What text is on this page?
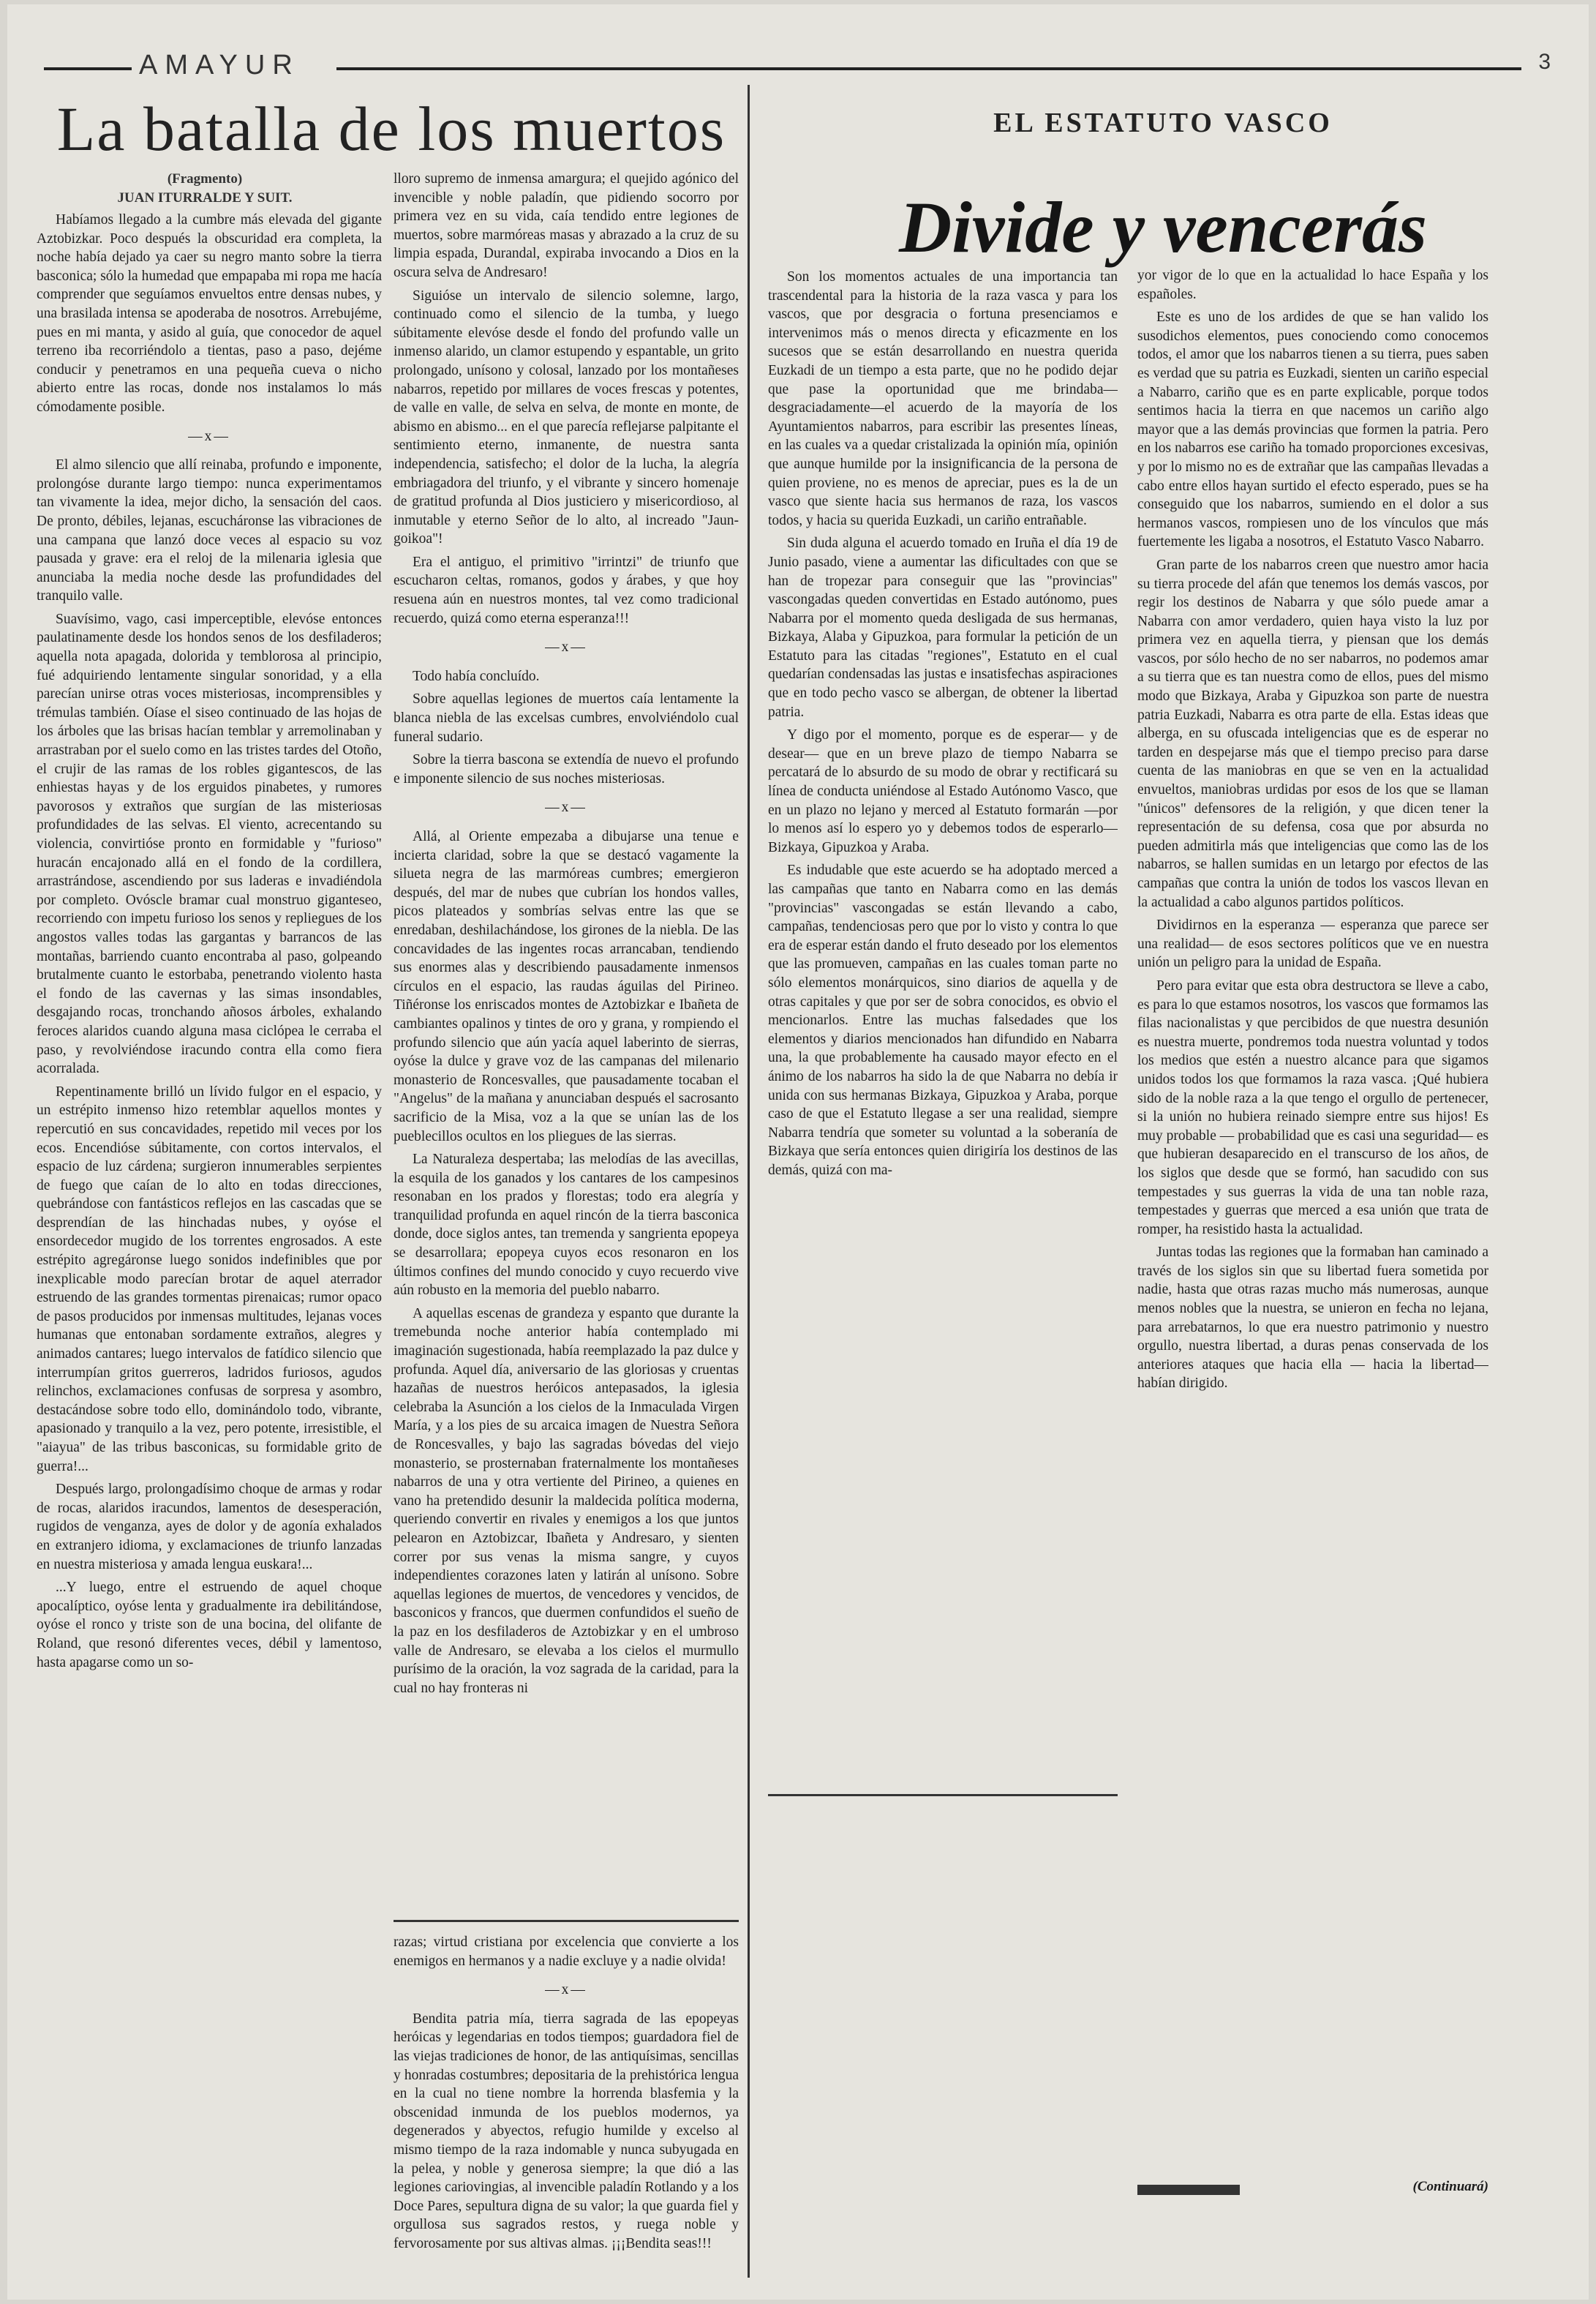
AMAYUR	3
La batalla de los muertos
(Fragmento)
JUAN ITURRALDE Y SUIT.

Habíamos llegado a la cumbre más elevada del gigante Aztobizkar. Poco después la obscuridad era completa, la noche había dejado ya caer su negro manto sobre la tierra basconica; sólo la humedad que empapaba mi ropa me hacía comprender que seguíamos envueltos entre densas nubes, y una brasilada intensa se apoderaba de nosotros. Arrebujéme, pues en mi manta, y asido al guía, que conocedor de aquel terreno iba recorriéndolo a tientas, paso a paso, dejéme conducir y penetramos en una pequeña cueva o nicho abierto entre las rocas, donde nos instalamos lo más cómodamente posible.

—x—

El almo silencio que allí reinaba, profundo e imponente, prolongóse durante largo tiempo: nunca experimentamos tan vivamente la idea, mejor dicho, la sensación del caos. De pronto, débiles, lejanas, escucháronse las vibraciones de una campana que lanzó doce veces al espacio su voz pausada y grave: era el reloj de la milenaria iglesia que anunciaba la media noche desde las profundidades del tranquilo valle.

Suavísimo, vago, casi imperceptible, elevóse entonces paulatinamente desde los hondos senos de los desfiladeros; aquella nota apagada, dolorida y temblorosa al principio, fué adquiriendo lentamente singular sonoridad, y a ella parecían unirse otras voces misteriosas, incomprensibles y trémulas también. Oíase el siseo continuado de las hojas de los árboles que las brisas hacían temblar y arremolinaban y arrastraban por el suelo como en las tristes tardes del Otoño, el crujir de las ramas de los robles gigantescos, de las enhiestas hayas y de los erguidos pinabetes, y rumores pavorosos y extraños que surgían de las misteriosas profundidades de las selvas. El viento, acrecentando su violencia, convirtióse pronto en formidable y "furioso" huracán encajonado allá en el fondo de la cordillera, arrastrándose, ascendiendo por sus laderas e invadiéndola por completo. Ovóscle bramar cual monstruo giganteseo, recorriendo con impetu furioso los senos y repliegues de los angostos valles todas las gargantas y barrancos de las montañas, barriendo cuanto encontraba al paso, golpeando brutalmente cuanto le estorbaba, penetrando violento hasta el fondo de las cavernas y las simas insondables, desgajando rocas, tronchando añosos árboles, exhalando feroces alaridos cuando alguna masa ciclópea le cerraba el paso, y revolviéndose iracundo contra ella como fiera acorralada.

Repentinamente brilló un lívido fulgor en el espacio, y un estrépito inmenso hizo retemblar aquellos montes y repercutió en sus concavidades, repetido mil veces por los ecos. Encendióse súbitamente, con cortos intervalos, el espacio de luz cárdena; surgieron innumerables serpientes de fuego que caían de lo alto en todas direcciones, quebrándose con fantásticos reflejos en las cascadas que se desprendían de las hinchadas nubes, y oyóse el ensordecedor mugido de los torrentes engrosados. A este estrépito agregáronse luego sonidos indefinibles que por inexplicable modo parecían brotar de aquel aterrador estruendo de las grandes tormentas pirenaicas; rumor opaco de pasos producidos por inmensas multitudes, lejanas voces humanas que entonaban sordamente extraños, alegres y animados cantares; luego intervalos de fatídico silencio que interrumpían gritos guerreros, ladridos furiosos, agudos relinchos, exclamaciones confusas de sorpresa y asombro, destacándose sobre todo ello, dominándolo todo, vibrante, apasionado y tranquilo a la vez, pero potente, irresistible, el "aiayua" de las tribus basconicas, su formidable grito de guerra!...

Después largo, prolongadísimo choque de armas y rodar de rocas, alaridos iracundos, lamentos de desesperación, rugidos de venganza, ayes de dolor y de agonía exhalados en extranjero idioma, y exclamaciones de triunfo lanzadas en nuestra misteriosa y amada lengua euskara!...

...Y luego, entre el estruendo de aquel choque apocalíptico, oyóse lenta y gradualmente ira debilitándose, oyóse el ronco y triste son de una bocina, del olifante de Roland, que resonó diferentes veces, débil y lamentoso, hasta apagarse como un so-

lloro supremo de inmensa amargura; el quejido agónico del invencible y noble paladín, que pidiendo socorro por primera vez en su vida, caía tendido entre legiones de muertos, sobre marmóreas masas y abrazado a la cruz de su limpia espada, Durandal, expiraba invocando a Dios en la oscura selva de Andresaro!

Siguióse un intervalo de silencio solemne, largo, continuado como el silencio de la tumba, y luego súbitamente elevóse desde el fondo del profundo valle un inmenso alarido, un clamor estupendo y espantable, un grito prolongado, unísono y colosal, lanzado por los montañeses nabarros, repetido por millares de voces frescas y potentes, de valle en valle, de selva en selva, de monte en monte, de abismo en abismo... en el que parecía reflejarse palpitante el sentimiento eterno, inmanente, de nuestra santa independencia, satisfecho; el dolor de la lucha, la alegría embriagadora del triunfo, y el vibrante y sincero homenaje de gratitud profunda al Dios justiciero y misericordioso, al inmutable y eterno Señor de lo alto, al increado "Jaun-goikoa"!

Era el antiguo, el primitivo "irrintzi" de triunfo que escucharon celtas, romanos, godos y árabes, y que hoy resuena aún en nuestros montes, tal vez como tradicional recuerdo, quizá como eterna esperanza!!!

—x—

Todo había concluído.

Sobre aquellas legiones de muertos caía lentamente la blanca niebla de las excelsas cumbres, envolviéndolo cual funeral sudario.

Sobre la tierra bascona se extendía de nuevo el profundo e imponente silencio de sus noches misteriosas.

—x—

Allá, al Oriente empezaba a dibujarse una tenue e incierta claridad, sobre la que se destacó vagamente la silueta negra de las marmóreas cumbres; emergieron después, del mar de nubes que cubrían los hondos valles, picos plateados y sombrías selvas entre las que se enredaban, deshilachándose, los girones de la niebla. De las concavidades de las ingentes rocas arrancaban, tendiendo sus enormes alas y describiendo pausadamente inmensos círculos en el espacio, las raudas águilas del Pirineo. Tiñéronse los enriscados montes de Aztobizkar e Ibañeta de cambiantes opalinos y tintes de oro y grana, y rompiendo el profundo silencio que aún yacía aquel laberinto de sierras, oyóse la dulce y grave voz de las campanas del milenario monasterio de Roncesvalles, que pausadamente tocaban el "Angelus" de la mañana y anunciaban después el sacrosanto sacrificio de la Misa, voz a la que se unían las de los pueblecillos ocultos en los pliegues de las sierras.

La Naturaleza despertaba; las melodías de las avecillas, la esquila de los ganados y los cantares de los campesinos resonaban en los prados y florestas; todo era alegría y tranquilidad profunda en aquel rincón de la tierra basconica donde, doce siglos antes, tan tremenda y sangrienta epopeya se desarrollara; epopeya cuyos ecos resonaron en los últimos confines del mundo conocido y cuyo recuerdo vive aún robusto en la memoria del pueblo nabarro.

A aquellas escenas de grandeza y espanto que durante la tremebunda noche anterior había contemplado mi imaginación sugestionada, había reemplazado la paz dulce y profunda. Aquel día, aniversario de las gloriosas y cruentas hazañas de nuestros heróicos antepasados, la iglesia celebraba la Asunción a los cielos de la Inmaculada Virgen María, y a los pies de su arcaica imagen de Nuestra Señora de Roncesvalles, y bajo las sagradas bóvedas del viejo monasterio, se prosternaban fraternalmente los montañeses nabarros de una y otra vertiente del Pirineo, a quienes en vano ha pretendido desunir la maldecida política moderna, queriendo convertir en rivales y enemigos a los que juntos pelearon en Aztobizcar, Ibañeta y Andresaro, y sienten correr por sus venas la misma sangre, y cuyos independientes corazones laten y latirán al unísono. Sobre aquellas legiones de muertos, de vencedores y vencidos, de basconicos y francos, que duermen confundidos el sueño de la paz en los desfiladeros de Aztobizkar y en el umbroso valle de Andresaro, se elevaba a los cielos el murmullo purísimo de la oración, la voz sagrada de la caridad, para la cual no hay fronteras ni

razas; virtud cristiana por excelencia que convierte a los enemigos en hermanos y a nadie excluye y a nadie olvida!

—x—

Bendita patria mía, tierra sagrada de las epopeyas heróicas y legendarias en todos tiempos; guardadora fiel de las viejas tradiciones de honor, de las antiquísimas, sencillas y honradas costumbres; depositaria de la prehistórica lengua en la cual no tiene nombre la horrenda blasfemia y la obscenidad inmunda de los pueblos modernos, ya degenerados y abyectos, refugio humilde y excelso al mismo tiempo de la raza indomable y nunca subyugada en la pelea, y noble y generosa siempre; la que dió a las legiones cariovingias, al invencible paladín Rotlando y a los Doce Pares, sepultura digna de su valor; la que guarda fiel y orgullosa sus sagrados restos, y ruega noble y fervorosamente por sus altivas almas. ¡¡¡Bendita seas!!!

EL ESTATUTO VASCO
Divide y vencerás

Son los momentos actuales de una importancia tan trascendental para la historia de la raza vasca y para los vascos, que por desgracia o fortuna presenciamos e intervenimos más o menos directa y eficazmente en los sucesos que se están desarrollando en nuestra querida Euzkadi de un tiempo a esta parte, que no he podido dejar que pase la oportunidad que me brindaba—desgraciadamente—el acuerdo de la mayoría de los Ayuntamientos nabarros, para escribir las presentes líneas, en las cuales va a quedar cristalizada la opinión mía, opinión que aunque humilde por la insignificancia de la persona de quien proviene, no es menos de apreciar, pues es la de un vasco que siente hacia sus hermanos de raza, los vascos todos, y hacia su querida Euzkadi, un cariño entrañable.

Sin duda alguna el acuerdo tomado en Iruña el día 19 de Junio pasado, viene a aumentar las dificultades con que se han de tropezar para conseguir que las "provincias" vascongadas queden convertidas en Estado autónomo, pues Nabarra por el momento queda desligada de sus hermanas, Bizkaya, Alaba y Gipuzkoa, para formular la petición de un Estatuto para las citadas "regiones", Estatuto en el cual quedarían condensadas las justas e insatisfechas aspiraciones que en todo pecho vasco se albergan, de obtener la libertad patria.

Y digo por el momento, porque es de esperar— y de desear— que en un breve plazo de tiempo Nabarra se percatará de lo absurdo de su modo de obrar y rectificará su línea de conducta uniéndose al Estado Autónomo Vasco, que en un plazo no lejano y merced al Estatuto formarán —por lo menos así lo espero yo y debemos todos de esperarlo— Bizkaya, Gipuzkoa y Araba.

Es indudable que este acuerdo se ha adoptado merced a las campañas que tanto en Nabarra como en las demás "provincias" vascongadas se están llevando a cabo, campañas, tendenciosas pero que por lo visto y contra lo que era de esperar están dando el fruto deseado por los elementos que las promueven, campañas en las cuales toman parte no sólo elementos monárquicos, sino diarios de aquella y de otras capitales y que por ser de sobra conocidos, es obvio el mencionarlos. Entre las muchas falsedades que los elementos y diarios mencionados han difundido en Nabarra una, la que probablemente ha causado mayor efecto en el ánimo de los nabarros ha sido la de que Nabarra no debía ir unida con sus hermanas Bizkaya, Gipuzkoa y Araba, porque caso de que el Estatuto llegase a ser una realidad, siempre Nabarra tendría que someter su voluntad a la soberanía de Bizkaya que sería entonces quien dirigiría los destinos de las demás, quizá con ma-

yor vigor de lo que en la actualidad lo hace España y los españoles.

Este es uno de los ardides de que se han valido los susodichos elementos, pues conociendo como conocemos todos, el amor que los nabarros tienen a su tierra, pues saben es verdad que su patria es Euzkadi, sienten un cariño especial a Nabarro, cariño que es en parte explicable, porque todos sentimos hacia la tierra en que nacemos un cariño algo mayor que a las demás provincias que formen la patria. Pero en los nabarros ese cariño ha tomado proporciones excesivas, y por lo mismo no es de extrañar que las campañas llevadas a cabo entre ellos hayan surtido el efecto esperado, pues se ha conseguido que los nabarros, sumiendo en el dolor a sus hermanos vascos, rompiesen uno de los vínculos que más fuertemente les ligaba a nosotros, el Estatuto Vasco Nabarro.

Gran parte de los nabarros creen que nuestro amor hacia su tierra procede del afán que tenemos los demás vascos, por regir los destinos de Nabarra y que sólo puede amar a Nabarra con amor verdadero, quien haya visto la luz por primera vez en aquella tierra, y piensan que los demás vascos, por sólo hecho de no ser nabarros, no podemos amar a su tierra que es tan nuestra como de ellos, pues del mismo modo que Bizkaya, Araba y Gipuzkoa son parte de nuestra patria Euzkadi, Nabarra es otra parte de ella. Estas ideas que alberga, en su ofuscada inteligencias que es de esperar no tarden en despejarse más que el tiempo preciso para darse cuenta de las maniobras en que se ven en la actualidad envueltos, maniobras urdidas por esos de los que se llaman "únicos" defensores de la religión, y que dicen tener la representación de su defensa, cosa que por absurda no pueden admitirla más que inteligencias que como las de los nabarros, se hallen sumidas en un letargo por efectos de las campañas que contra la unión de todos los vascos llevan en la actualidad a cabo algunos partidos políticos.

Dividirnos en la esperanza — esperanza que parece ser una realidad— de esos sectores políticos que ve en nuestra unión un peligro para la unidad de España.

Pero para evitar que esta obra destructora se lleve a cabo, es para lo que estamos nosotros, los vascos que formamos las filas nacionalistas y que percibidos de que nuestra desunión es nuestra muerte, pondremos toda nuestra voluntad y todos los medios que estén a nuestro alcance para que sigamos unidos todos los que formamos la raza vasca. ¡Qué hubiera sido de la noble raza a la que tengo el orgullo de pertenecer, si la unión no hubiera reinado siempre entre sus hijos! Es muy probable — probabilidad que es casi una seguridad— es que hubieran desaparecido en el transcurso de los años, de los siglos que desde que se formó, han sacudido con sus tempestades y sus guerras la vida de una tan noble raza, tempestades y guerras que merced a esa unión que trata de romper, ha resistido hasta la actualidad.

Juntas todas las regiones que la formaban han caminado a través de los siglos sin que su libertad fuera sometida por nadie, hasta que otras razas mucho más numerosas, aunque menos nobles que la nuestra, se unieron en fecha no lejana, para arrebatarnos, lo que era nuestro patrimonio y nuestro orgullo, nuestra libertad, a duras penas conservada de los anteriores ataques que hacia ella — hacia la libertad— habían dirigido.

(Continuará)
